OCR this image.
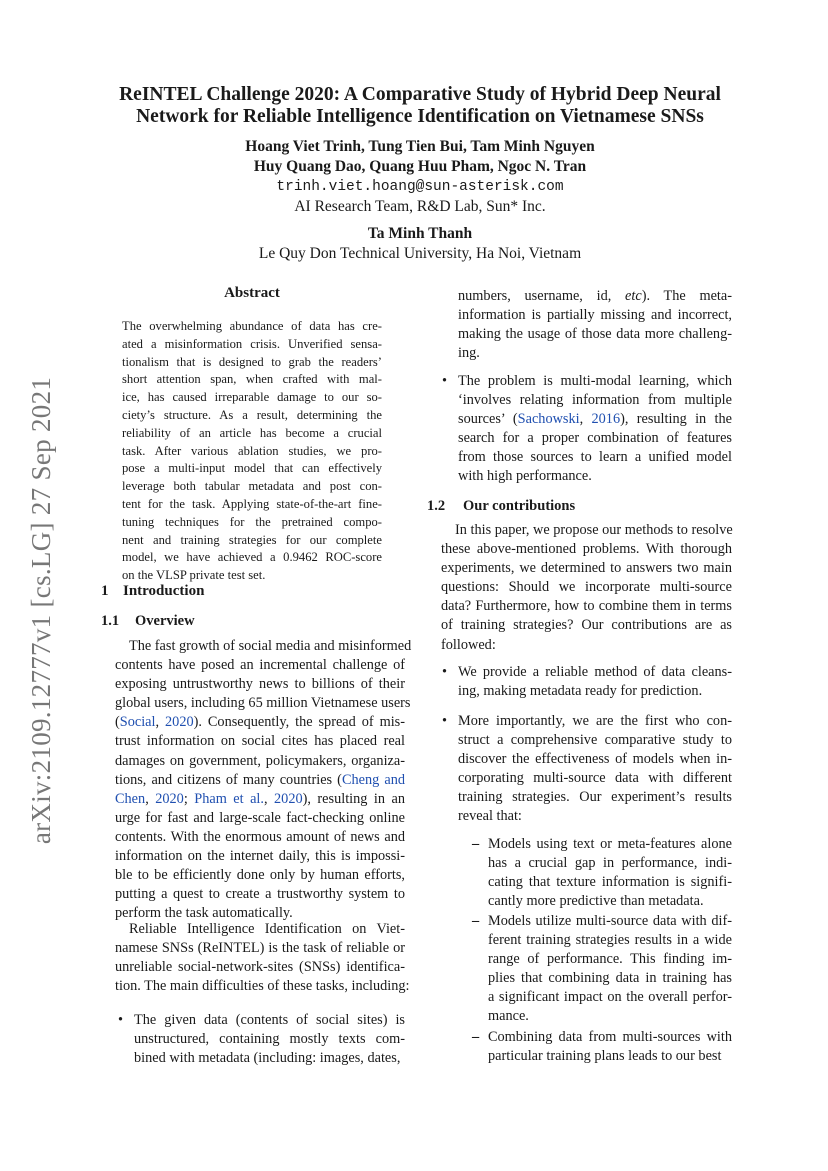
arXiv:2109.12777v1 [cs.LG] 27 Sep 2021
ReINTEL Challenge 2020: A Comparative Study of Hybrid Deep Neural
Network for Reliable Intelligence Identification on Vietnamese SNSs
Hoang Viet Trinh, Tung Tien Bui, Tam Minh Nguyen
Huy Quang Dao, Quang Huu Pham, Ngoc N. Tran
trinh.viet.hoang@sun-asterisk.com
AI Research Team, R&D Lab, Sun* Inc.
Ta Minh Thanh
Le Quy Don Technical University, Ha Noi, Vietnam
Abstract
The overwhelming abundance of data has cre-
ated a misinformation crisis. Unverified sensa-
tionalism that is designed to grab the readers’
short attention span, when crafted with mal-
ice, has caused irreparable damage to our so-
ciety’s structure. As a result, determining the
reliability of an article has become a crucial
task. After various ablation studies, we pro-
pose a multi-input model that can effectively
leverage both tabular metadata and post con-
tent for the task. Applying state-of-the-art fine-
tuning techniques for the pretrained compo-
nent and training strategies for our complete
model, we have achieved a 0.9462 ROC-score
on the VLSP private test set.
1 Introduction
1.1 Overview

The fast growth of social media and misinformed
contents have posed an incremental challenge of
exposing untrustworthy news to billions of their
global users, including 65 million Vietnamese users
(Social, 2020). Consequently, the spread of mis-
trust information on social cites has placed real
damages on government, policymakers, organiza-
tions, and citizens of many countries (Cheng and
Chen, 2020; Pham et al., 2020), resulting in an
urge for fast and large-scale fact-checking online
contents. With the enormous amount of news and
information on the internet daily, this is impossi-
ble to be efficiently done only by human efforts,
putting a quest to create a trustworthy system to
perform the task automatically.

Reliable Intelligence Identification on Viet-
namese SNSs (ReINTEL) is the task of reliable or
unreliable social-network-sites (SNSs) identifica-
tion. The main difficulties of these tasks, including:

• The given data (contents of social sites) is
unstructured, containing mostly texts com-
bined with metadata (including: images, dates,
numbers, username, id, etc). The meta-
information is partially missing and incorrect,
making the usage of those data more challeng-
ing.
• The problem is multi-modal learning, which
‘involves relating information from multiple
sources’ (Sachowski, 2016), resulting in the
search for a proper combination of features
from those sources to learn a unified model
with high performance.
1.2 Our contributions

In this paper, we propose our methods to resolve
these above-mentioned problems. With thorough
experiments, we determined to answers two main
questions: Should we incorporate multi-source
data? Furthermore, how to combine them in terms
of training strategies? Our contributions are as
followed:

• We provide a reliable method of data cleans-
ing, making metadata ready for prediction.
• More importantly, we are the first who con-
struct a comprehensive comparative study to
discover the effectiveness of models when in-
corporating multi-source data with different
training strategies. Our experiment’s results
reveal that:
– Models using text or meta-features alone
has a crucial gap in performance, indi-
cating that texture information is signifi-
cantly more predictive than metadata.
– Models utilize multi-source data with dif-
ferent training strategies results in a wide
range of performance. This finding im-
plies that combining data in training has
a significant impact on the overall perfor-
mance.
– Combining data from multi-sources with
particular training plans leads to our best
